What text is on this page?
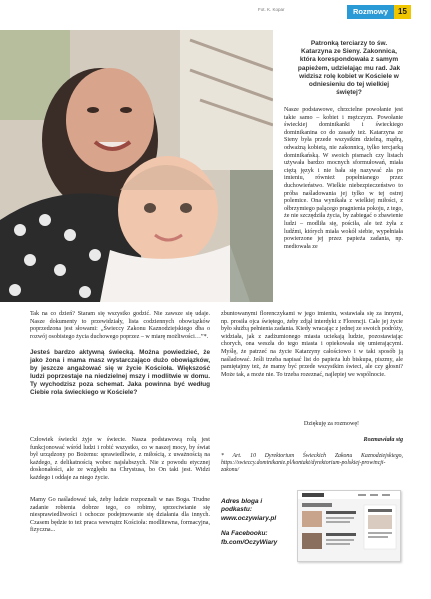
Fot. K. Kopar	Rozmowy	15
Patronką terciarzy to św. Katarzyna ze Sieny. Zakonnica, która korespondowała z samym papieżem, udzielając mu rad. Jak widzisz rolę kobiet w Kościele w odniesieniu do tej wielkiej świętej?
Nasze podstawowe, chrzcielne powołanie jest takie samo – kobiet i mężczyzn. Powołanie świeckiej dominikanki i świeckiego dominikanina co do zasady też. Katarzyna ze Sieny była przede wszystkim dzielną, mądrą, odważną kobietą, nie zakonnicą, tylko tercjarką dominikańską. W swoich pismach czy listach używała bardzo mocnych sformułowań, miała ciężą język i nie bała się nazywać zła po imieniu, również popełnianego przez duchowieństwo. Wielkie niebezpieczeństwo to próba naśladowania jej tylko w tej ostrej polemice. Ona wynikała z wielkiej miłości, z ołbrzymiego palącego pragnienia pokoju, z tego, że nie szczędziła życia, by zabiegać o zbawienie ludzi – modliła się, pościła, ale też żyła z ludźmi, których miała wokół siebie, wypełniała powierzone jej przez papieża zadania, np. mediowała ze
zbuntowanymi florenczykami w jego imieniu, wstawiała się za innymi, np. prosiła ojca świętego, żeby zdjął interdykt z Florencji. Całe jej życie było służbą pełnienia zadania. Kiedy wracając z jednej ze swoich podróży, widziała, jak z zadżumionego miasta uciekają ludzie, pozostawiając chorych, ona weszła do tego miasta i opiekowała się umierającymi. Myślę, że patrzeć na życie Katarzyny całościowo i w taki sposób ją naśladować. Jeśli trzeba napisać list do papieża lub biskupa, piszmy, ale pamiętajmy też, że mamy być przede wszystkim świeci, ale czy głosni? Może tak, a może nie. To trzeba rozeznać, najlepiej we wspólnocie.
Dziękuję za rozmowę!
Rozmawiała stg
* Art. 10 Dyrektorium Świeckich Zakonu Kaznodziejskiego, https://swieccy.dominikanie.pl/kontakt/dyrektorium-polskiej-prowincji-zakonu/
Adres bloga i podkastu:
www.oczywiary.pl
Na Facebooku:
fb.com/OczyWiary
Tak na co dzień? Staram się wszystko godzić. Nie zawsze się udaje. Nasze dokumenty to przewidziały, lista codziennych obowiązków poprzedzona jest słowami: „Świeccy Zakonu Kaznodziejskiego dba o rozwój osobistego życia duchowego poprzez – w miarę możliwości…”*.
Jesteś bardzo aktywną świecką. Można powiedzieć, że jako żona i mama masz wystarczająco dużo obowiązków, by jeszcze angażować się w życie Kościoła. Większość ludzi poprzestaje na niedzielnej mszy i modlitwie w domu. Ty wychodzisz poza schemat. Jaka powinna być według Ciebie rola świeckiego w Kościele?
Człowiek świecki żyje w świecie. Nasza podstawową rolą jest funkcjonować wśród ludzi i robić wszystko, co w naszej mocy, by świat był urządzony po Bożemu: sprawiedliwie, z miłością, z uważnością na każdego, z delikatnością wobec najsłabszych. Nie z powodu etycznej doskonałości, ale ze względu na Chrystusa, bo On taki jest. Widzi każdego i oddaje za niego życie.
Mamy Go naśladować tak, żeby ludzie rozpoznali w nas Boga. Trudne zadanie robienia dobrze tego, co robimy, sprzeciwianie się niesprawiedliwości i ochocze podejmowanie się działania dla innych. Czasem będzie to też praca wewnątrz Kościoła: modlitewna, formacyjna, fizyczna...
